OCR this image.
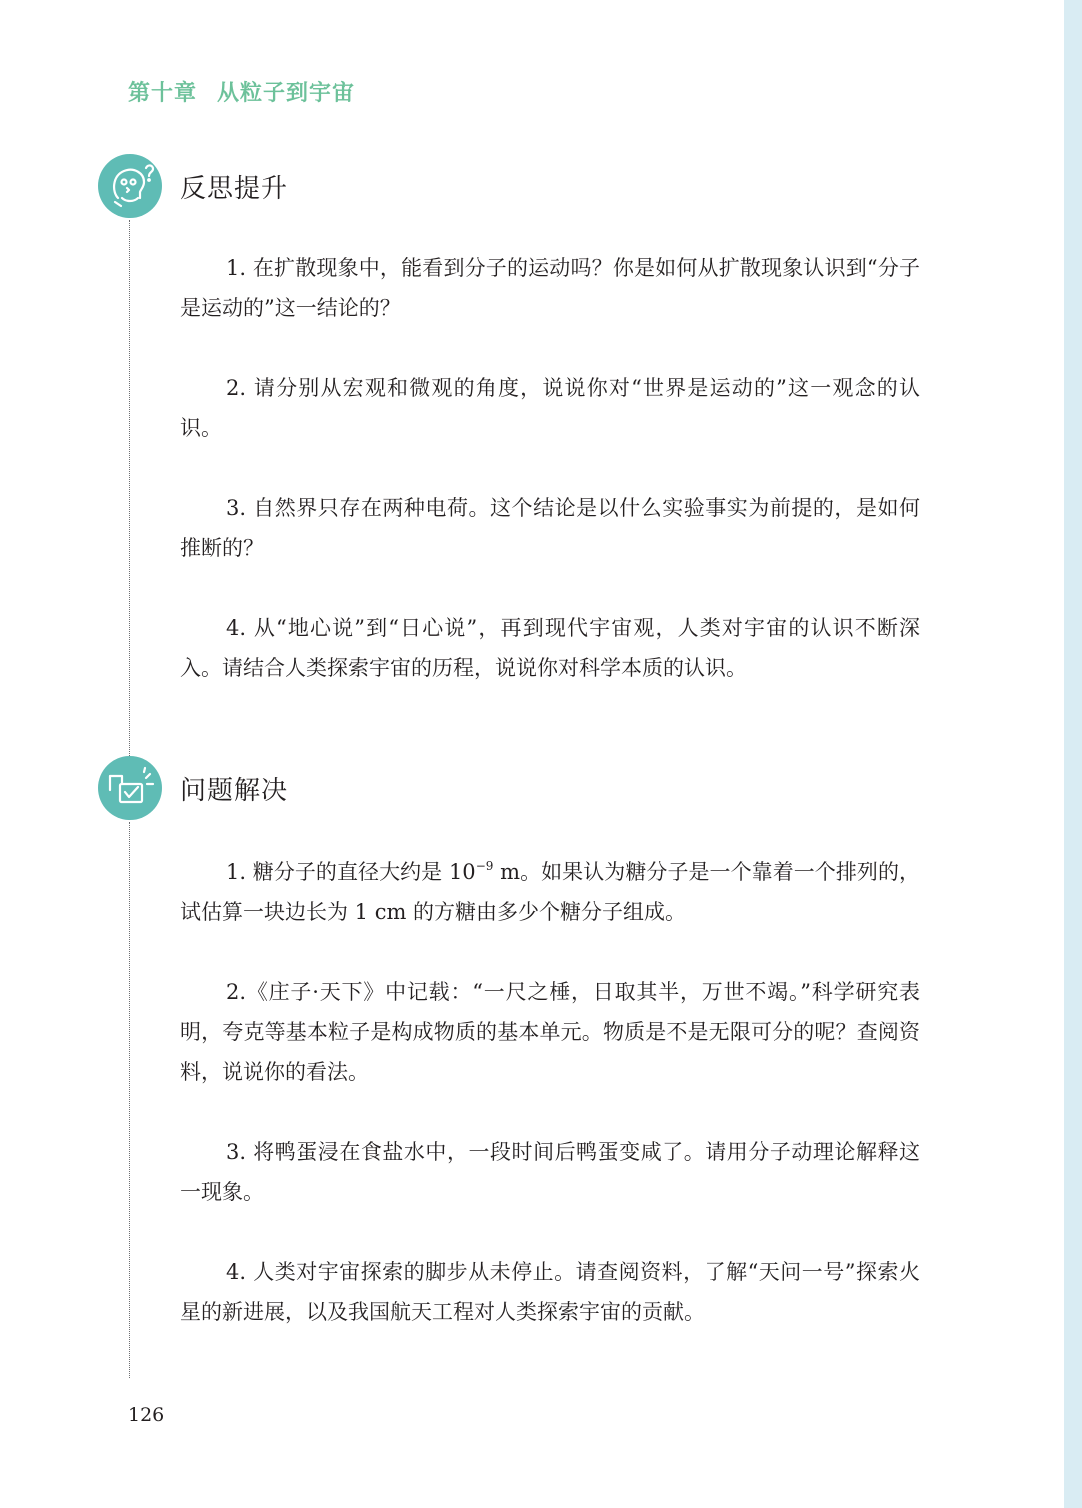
第十章 从粒子到宇宙
反思提升

1. 在扩散现象中，能看到分子的运动吗？你是如何从扩散现象认识到“分子是运动的”这一结论的？

2. 请分别从宏观和微观的角度，说说你对“世界是运动的”这一观念的认识。

3. 自然界只存在两种电荷。这个结论是以什么实验事实为前提的，是如何推断的？

4. 从“地心说”到“日心说”，再到现代宇宙观，人类对宇宙的认识不断深入。请结合人类探索宇宙的历程，说说你对科学本质的认识。

问题解决

1. 糖分子的直径大约是 $10^{-9}$ m。如果认为糖分子是一个靠着一个排列的，试估算一块边长为 1 cm 的方糖由多少个糖分子组成。

2.《庄子·天下》中记载：“一尺之棰，日取其半，万世不竭。”科学研究表明，夸克等基本粒子是构成物质的基本单元。物质是不是无限可分的呢？查阅资料，说说你的看法。

3. 将鸭蛋浸在食盐水中，一段时间后鸭蛋变咸了。请用分子动理论解释这一现象。

4. 人类对宇宙探索的脚步从未停止。请查阅资料，了解“天问一号”探索火星的新进展，以及我国航天工程对人类探索宇宙的贡献。

126
